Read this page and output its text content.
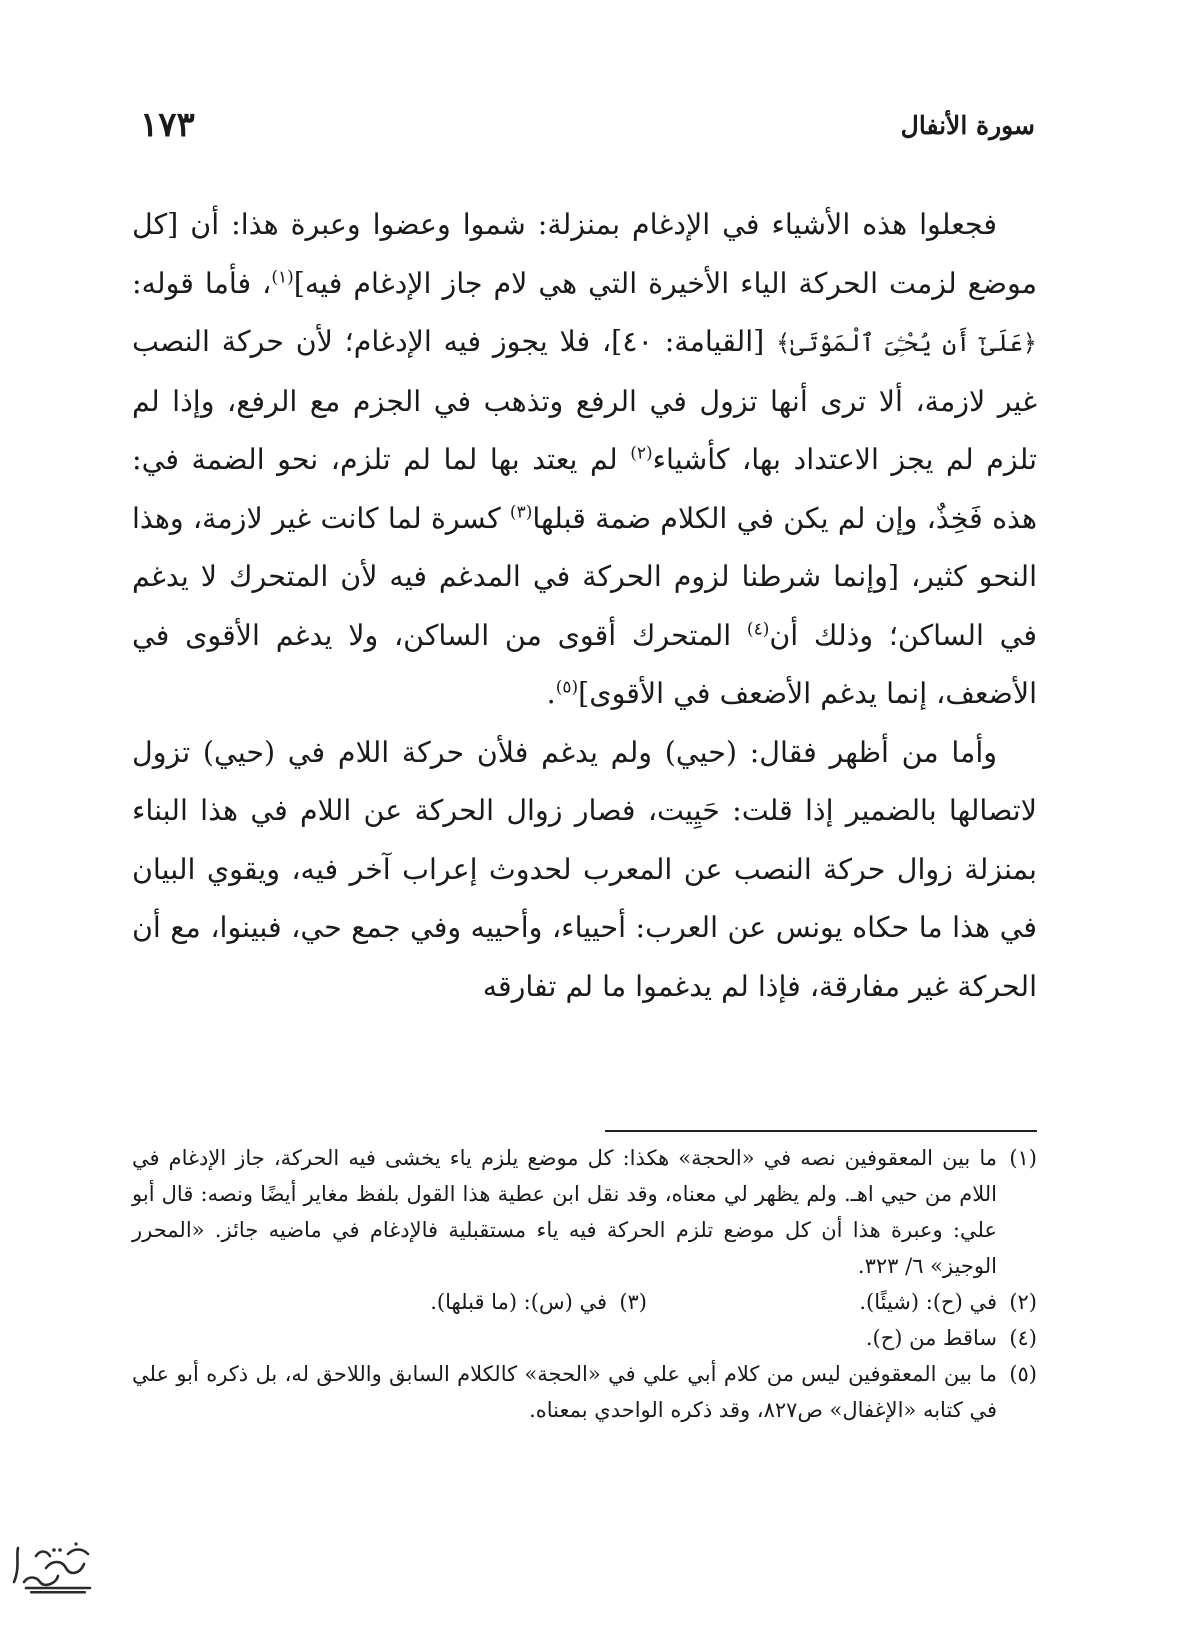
سورة الأنفال
١٧٣

فجعلوا هذه الأشياء في الإدغام بمنزلة: شموا وعضوا وعبرة هذا: أن [كل موضع لزمت الحركة الياء الأخيرة التي هي لام جاز الإدغام فيه]$^{(١)}$، فأما قوله: ﴿عَلَىٰٓ أَن يُحْـِۧىَ ٱلْمَوْتَىٰ﴾ [القيامة: ٤٠]، فلا يجوز فيه الإدغام؛ لأن حركة النصب غير لازمة، ألا ترى أنها تزول في الرفع وتذهب في الجزم مع الرفع، وإذا لم تلزم لم يجز الاعتداد بها، كأشياء$^{(٢)}$ لم يعتد بها لما لم تلزم، نحو الضمة في: هذه فَخِذٌ، وإن لم يكن في الكلام ضمة قبلها$^{(٣)}$ كسرة لما كانت غير لازمة، وهذا النحو كثير، [وإنما شرطنا لزوم الحركة في المدغم فيه لأن المتحرك لا يدغم في الساكن؛ وذلك أن$^{(٤)}$ المتحرك أقوى من الساكن، ولا يدغم الأقوى في الأضعف، إنما يدغم الأضعف في الأقوى]$^{(٥)}$.

وأما من أظهر فقال: (حيي) ولم يدغم فلأن حركة اللام في (حيي) تزول لاتصالها بالضمير إذا قلت: حَيِيت، فصار زوال الحركة عن اللام في هذا البناء بمنزلة زوال حركة النصب عن المعرب لحدوث إعراب آخر فيه، ويقوي البيان في هذا ما حكاه يونس عن العرب: أحيياء، وأحييه وفي جمع حي، فبينوا، مع أن الحركة غير مفارقة، فإذا لم يدغموا ما لم تفارقه

(١)
ما بين المعقوفين نصه في «الحجة» هكذا: كل موضع يلزم ياء يخشى فيه الحركة، جاز الإدغام في اللام من حيي اهـ. ولم يظهر لي معناه، وقد نقل ابن عطية هذا القول بلفظ مغاير أيضًا ونصه: قال أبو علي: وعبرة هذا أن كل موضع تلزم الحركة فيه ياء مستقبلية فالإدغام في ماضيه جائز. «المحرر الوجيز» ٦/ ٣٢٣.
(٢)
في (ح): (شيئًا).
(٣)
في (س): (ما قبلها).
(٤)
ساقط من (ح).
(٥)
ما بين المعقوفين ليس من كلام أبي علي في «الحجة» كالكلام السابق واللاحق له، بل ذكره أبو علي في كتابه «الإغفال» ص٨٢٧، وقد ذكره الواحدي بمعناه.
